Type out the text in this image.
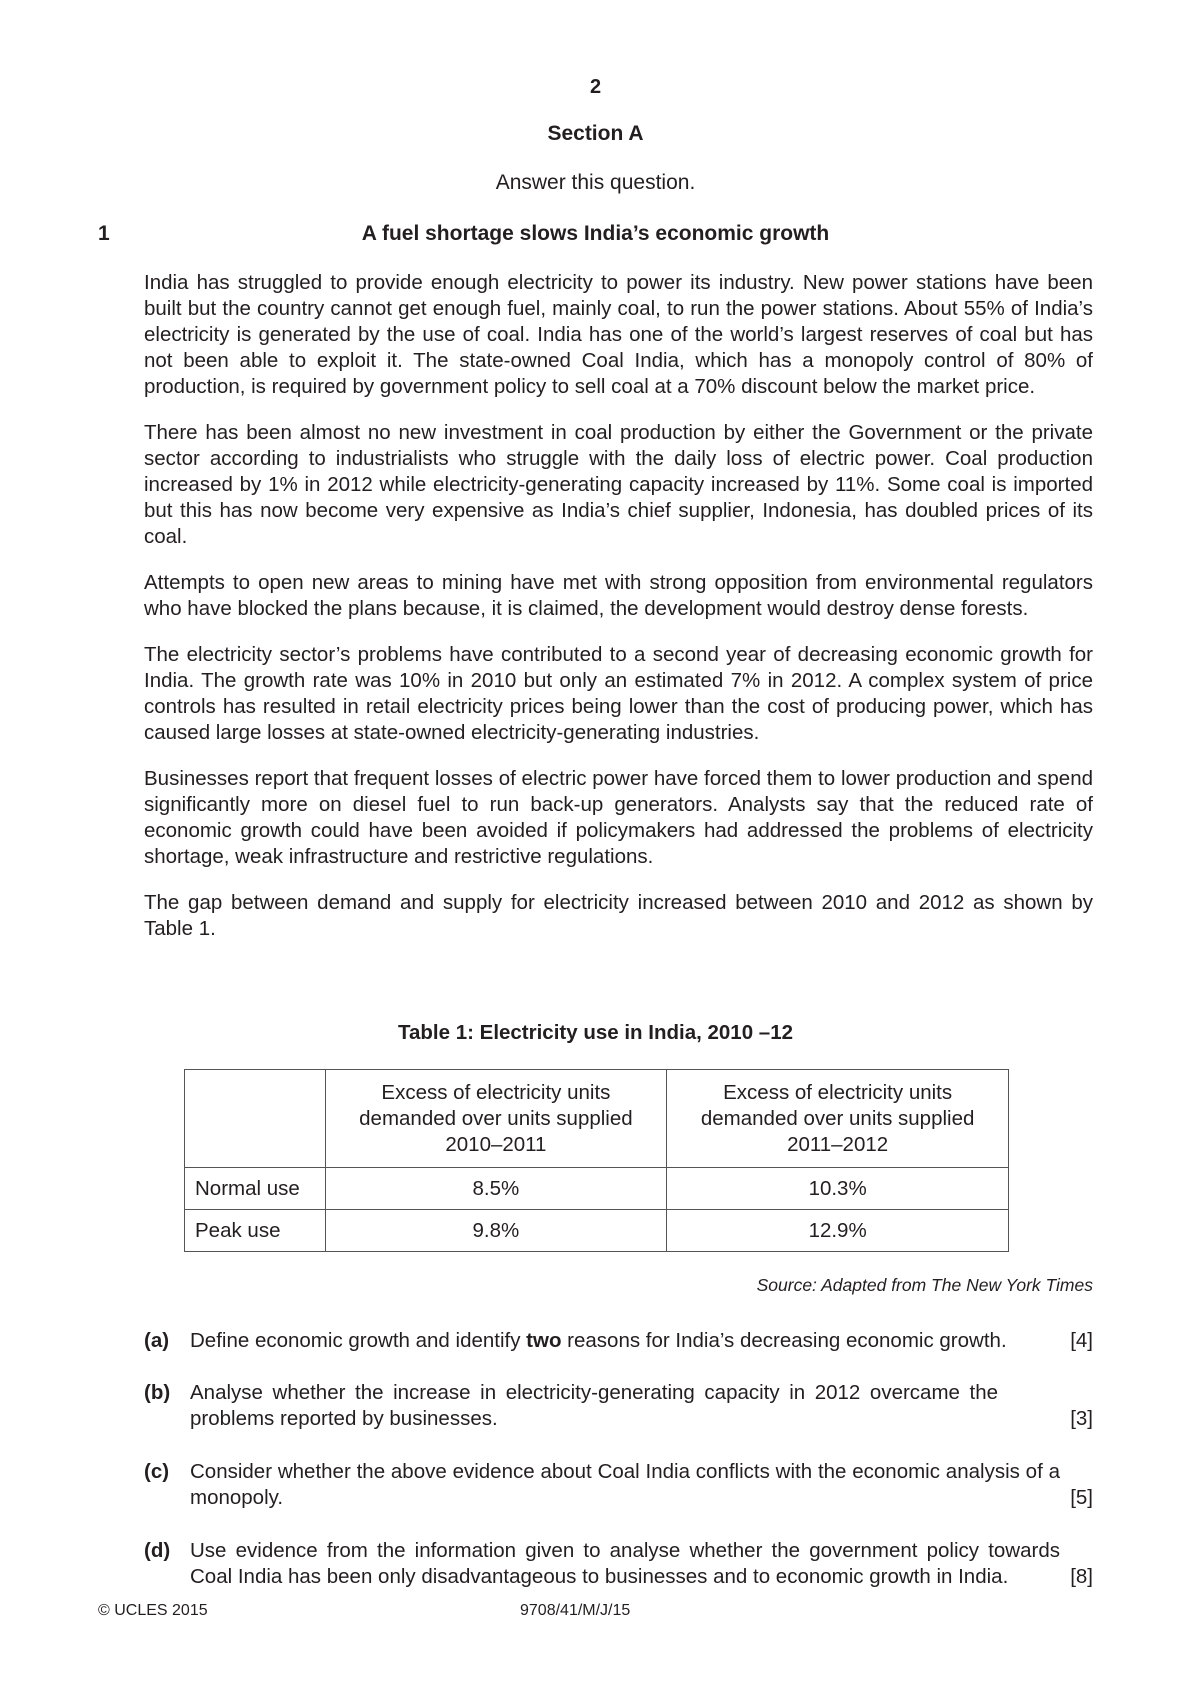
2
Section A
Answer this question.
1	A fuel shortage slows India’s economic growth

India has struggled to provide enough electricity to power its industry. New power stations have been built but the country cannot get enough fuel, mainly coal, to run the power stations. About 55% of India’s electricity is generated by the use of coal. India has one of the world’s largest reserves of coal but has not been able to exploit it. The state-owned Coal India, which has a monopoly control of 80% of production, is required by government policy to sell coal at a 70% discount below the market price.

There has been almost no new investment in coal production by either the Government or the private sector according to industrialists who struggle with the daily loss of electric power. Coal production increased by 1% in 2012 while electricity-generating capacity increased by 11%. Some coal is imported but this has now become very expensive as India’s chief supplier, Indonesia, has doubled prices of its coal.

Attempts to open new areas to mining have met with strong opposition from environmental regulators who have blocked the plans because, it is claimed, the development would destroy dense forests.

The electricity sector’s problems have contributed to a second year of decreasing economic growth for India. The growth rate was 10% in 2010 but only an estimated 7% in 2012. A complex system of price controls has resulted in retail electricity prices being lower than the cost of producing power, which has caused large losses at state-owned electricity-generating industries.

Businesses report that frequent losses of electric power have forced them to lower production and spend significantly more on diesel fuel to run back-up generators. Analysts say that the reduced rate of economic growth could have been avoided if policymakers had addressed the problems of electricity shortage, weak infrastructure and restrictive regulations.

The gap between demand and supply for electricity increased between 2010 and 2012 as shown by Table 1.

Table 1: Electricity use in India, 2010 –12

	Excess of electricity units demanded over units supplied 2010–2011	Excess of electricity units demanded over units supplied 2011–2012

Normal use	8.5%	10.3%
Peak use	9.8%	12.9%
Source: Adapted from The New York Times
(a) Define economic growth and identify two reasons for India’s decreasing economic growth.	[4]
(b) Analyse whether the increase in electricity-generating capacity in 2012 overcame the problems reported by businesses.	[3]
(c) Consider whether the above evidence about Coal India conflicts with the economic analysis of a monopoly.	[5]
(d) Use evidence from the information given to analyse whether the government policy towards Coal India has been only disadvantageous to businesses and to economic growth in India.	[8]
© UCLES 2015	9708/41/M/J/15
